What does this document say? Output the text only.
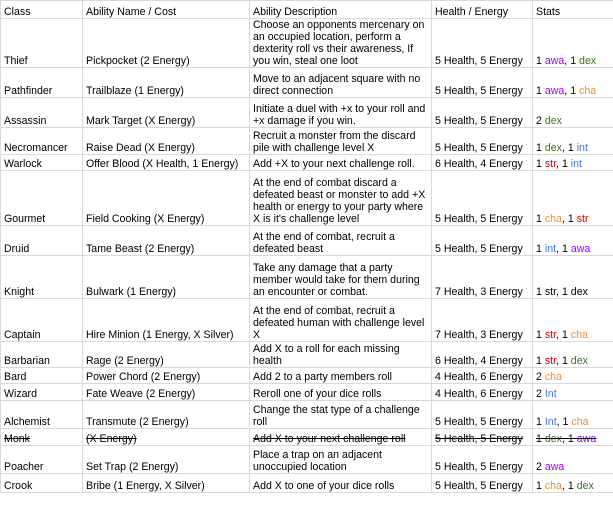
Class	Ability Name / Cost	Ability Description	Health / Energy	Stats
Thief	Pickpocket (2 Energy)	Choose an opponents mercenary on an occupied location, perform a dexterity roll vs their awareness, If you win, steal one loot	5 Health, 5 Energy	1 awa, 1 dex
Pathfinder	Trailblaze (1 Energy)	Move to an adjacent square with no direct connection	5 Health, 5 Energy	1 awa, 1 cha
Assassin	Mark Target (X Energy)	Initiate a duel with +x to your roll and +x damage if you win.	5 Health, 5 Energy	2 dex
Necromancer	Raise Dead (X Energy)	Recruit a monster from the discard pile with challenge level X	5 Health, 5 Energy	1 dex, 1 int
Warlock	Offer Blood (X Health, 1 Energy)	Add +X to your next challenge roll.	6 Health, 4 Energy	1 str, 1 int
Gourmet	Field Cooking (X Energy)	At the end of combat discard a defeated beast or monster to add +X health or energy to your party where X is it's challenge level	5 Health, 5 Energy	1 cha, 1 str
Druid	Tame Beast (2 Energy)	At the end of combat, recruit a defeated beast	5 Health, 5 Energy	1 int, 1 awa
Knight	Bulwark (1 Energy)	Take any damage that a party member would take for them during an encounter or combat.	7 Health, 3 Energy	1 str, 1 dex
Captain	Hire Minion (1 Energy, X Silver)	At the end of combat, recruit a defeated human with challenge level X	7 Health, 3 Energy	1 str, 1 cha
Barbarian	Rage (2 Energy)	Add X to a roll for each missing health	6 Health, 4 Energy	1 str, 1 dex
Bard	Power Chord (2 Energy)	Add 2 to a party members roll	4 Health, 6 Energy	2 cha
Wizard	Fate Weave (2 Energy)	Reroll one of your dice rolls	4 Health, 6 Energy	2 Int
Alchemist	Transmute (2 Energy)	Change the stat type of a challenge roll	5 Health, 5 Energy	1 Int, 1 cha
Monk	(X Energy)	Add X to your next challenge roll	5 Health, 5 Energy	1 dex, 1 awa
Poacher	Set Trap (2 Energy)	Place a trap on an adjacent unoccupied location	5 Health, 5 Energy	2 awa
Crook	Bribe (1 Energy, X Silver)	Add X to one of your dice rolls	5 Health, 5 Energy	1 cha, 1 dex
